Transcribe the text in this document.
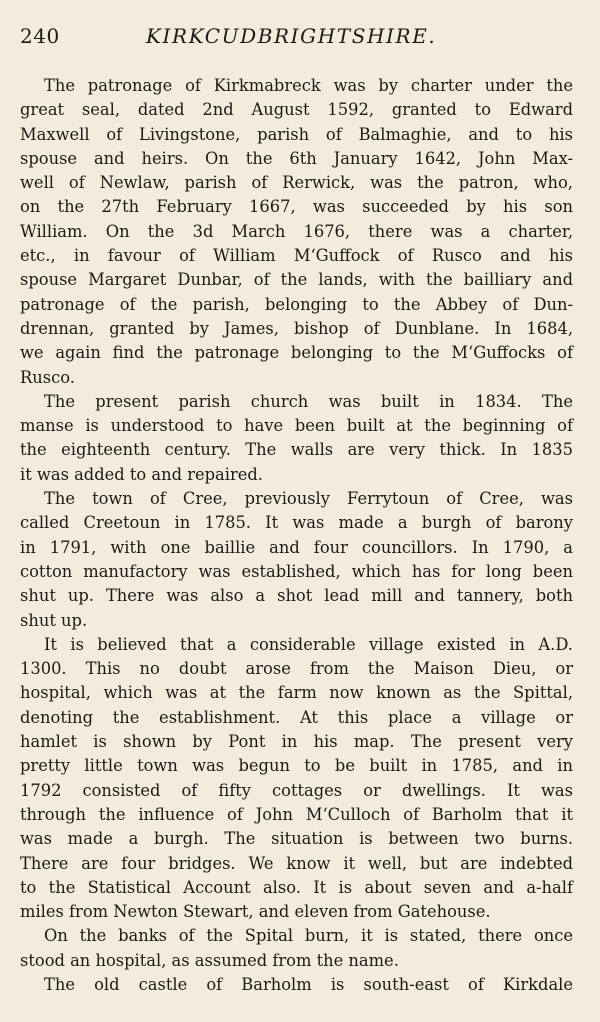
240	KIRKCUDBRIGHTSHIRE.
The patronage of Kirkmabreck was by charter under the
great seal, dated 2nd August 1592, granted to Edward
Maxwell of Livingstone, parish of Balmaghie, and to his
spouse and heirs. On the 6th January 1642, John Max-
well of Newlaw, parish of Rerwick, was the patron, who,
on the 27th February 1667, was succeeded by his son
William. On the 3d March 1676, there was a charter,
etc., in favour of William M‘Guffock of Rusco and his
spouse Margaret Dunbar, of the lands, with the bailliary and
patronage of the parish, belonging to the Abbey of Dun-
drennan, granted by James, bishop of Dunblane. In 1684,
we again find the patronage belonging to the M‘Guffocks of
Rusco.
The present parish church was built in 1834. The
manse is understood to have been built at the beginning of
the eighteenth century. The walls are very thick. In 1835
it was added to and repaired.
The town of Cree, previously Ferrytoun of Cree, was
called Creetoun in 1785. It was made a burgh of barony
in 1791, with one baillie and four councillors. In 1790, a
cotton manufactory was established, which has for long been
shut up. There was also a shot lead mill and tannery, both
shut up.
It is believed that a considerable village existed in A.D.
1300. This no doubt arose from the Maison Dieu, or
hospital, which was at the farm now known as the Spittal,
denoting the establishment. At this place a village or
hamlet is shown by Pont in his map. The present very
pretty little town was begun to be built in 1785, and in
1792 consisted of fifty cottages or dwellings. It was
through the influence of John M‘Culloch of Barholm that it
was made a burgh. The situation is between two burns.
There are four bridges. We know it well, but are indebted
to the Statistical Account also. It is about seven and a-half
miles from Newton Stewart, and eleven from Gatehouse.
On the banks of the Spital burn, it is stated, there once
stood an hospital, as assumed from the name.
The old castle of Barholm is south-east of Kirkdale
